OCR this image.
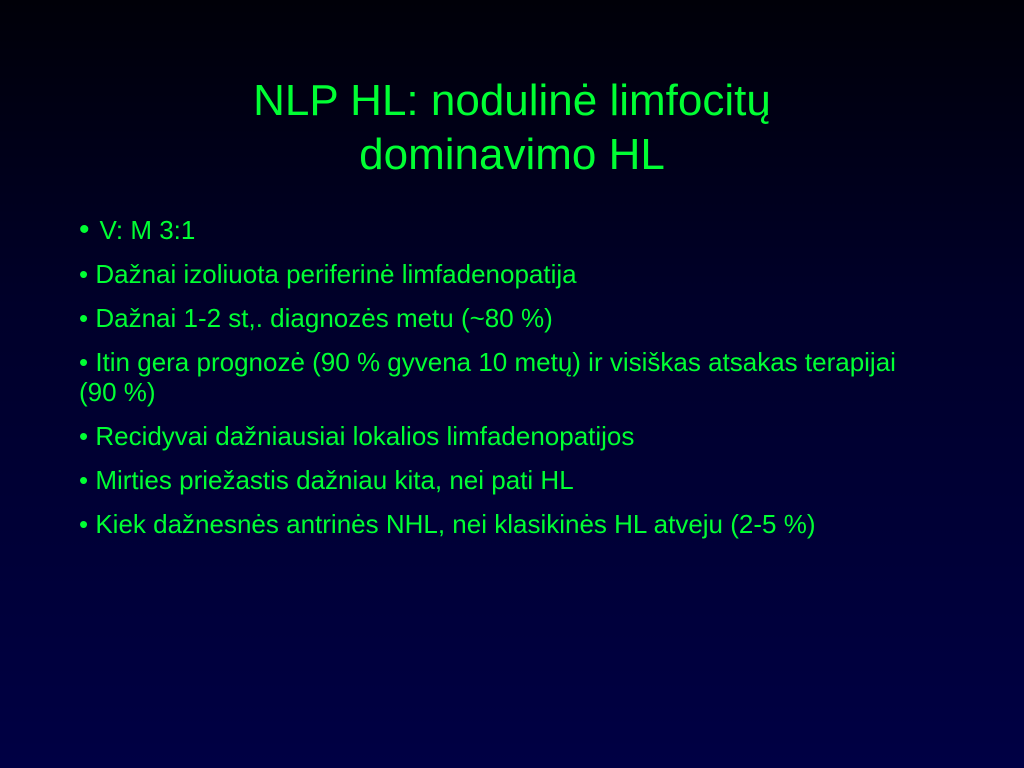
NLP HL: nodulinė limfocitų
dominavimo HL
• V: M 3:1
• Dažnai izoliuota periferinė limfadenopatija
• Dažnai 1-2 st,. diagnozės metu (~80 %)
• Itin gera prognozė (90 % gyvena 10 metų) ir visiškas atsakas terapijai (90 %)
• Recidyvai dažniausiai lokalios limfadenopatijos
• Mirties priežastis dažniau kita, nei pati HL
• Kiek dažnesnės antrinės NHL, nei klasikinės HL atveju (2-5 %)
